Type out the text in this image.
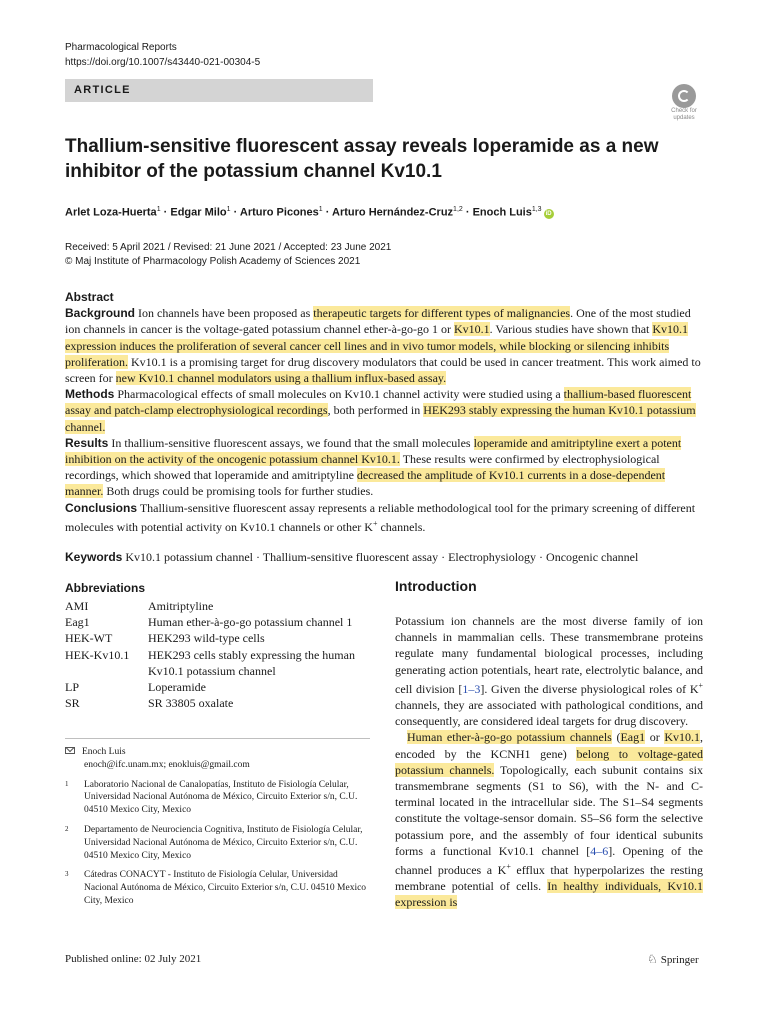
Pharmacological Reports
https://doi.org/10.1007/s43440-021-00304-5
ARTICLE
Check for
updates
Thallium-sensitive fluorescent assay reveals loperamide as a new inhibitor of the potassium channel Kv10.1
Arlet Loza-Huerta$^1$ · Edgar Milo$^1$ · Arturo Picones$^1$ · Arturo Hernández-Cruz$^{1,2}$ · Enoch Luis$^{1,3}$iD
Received: 5 April 2021 / Revised: 21 June 2021 / Accepted: 23 June 2021
© Maj Institute of Pharmacology Polish Academy of Sciences 2021
Abstract

Background Ion channels have been proposed as therapeutic targets for different types of malignancies. One of the most studied ion channels in cancer is the voltage-gated potassium channel ether-à-go-go 1 or Kv10.1. Various studies have shown that Kv10.1 expression induces the proliferation of several cancer cell lines and in vivo tumor models, while blocking or silencing inhibits proliferation. Kv10.1 is a promising target for drug discovery modulators that could be used in cancer treatment. This work aimed to screen for new Kv10.1 channel modulators using a thallium influx-based assay.

Methods Pharmacological effects of small molecules on Kv10.1 channel activity were studied using a thallium-based fluorescent assay and patch-clamp electrophysiological recordings, both performed in HEK293 stably expressing the human Kv10.1 potassium channel.

Results In thallium-sensitive fluorescent assays, we found that the small molecules loperamide and amitriptyline exert a potent inhibition on the activity of the oncogenic potassium channel Kv10.1. These results were confirmed by electrophysiological recordings, which showed that loperamide and amitriptyline decreased the amplitude of Kv10.1 currents in a dose-dependent manner. Both drugs could be promising tools for further studies.

Conclusions Thallium-sensitive fluorescent assay represents a reliable methodological tool for the primary screening of different molecules with potential activity on Kv10.1 channels or other K+ channels.

Keywords Kv10.1 potassium channel · Thallium-sensitive fluorescent assay · Electrophysiology · Oncogenic channel
Abbreviations
AMI	Amitriptyline
Eag1	Human ether-à-go-go potassium channel 1
HEK-WT	HEK293 wild-type cells
HEK-Kv10.1	HEK293 cells stably expressing the human Kv10.1 potassium channel
LP	Loperamide
SR	SR 33805 oxalate
Enoch Luis
enoch@ifc.unam.mx; enokluis@gmail.com
1	Laboratorio Nacional de Canalopatías, Instituto de Fisiología Celular, Universidad Nacional Autónoma de México, Circuito Exterior s/n, C.U. 04510 Mexico City, Mexico
2	Departamento de Neurociencia Cognitiva, Instituto de Fisiología Celular, Universidad Nacional Autónoma de México, Circuito Exterior s/n, C.U. 04510 Mexico City, Mexico
3	Cátedras CONACYT - Instituto de Fisiología Celular, Universidad Nacional Autónoma de México, Circuito Exterior s/n, C.U. 04510 Mexico City, Mexico
Introduction

Potassium ion channels are the most diverse family of ion channels in mammalian cells. These transmembrane proteins regulate many fundamental biological processes, including generating action potentials, heart rate, electrolytic balance, and cell division [1–3]. Given the diverse physiological roles of K+ channels, they are associated with pathological conditions, and consequently, are considered ideal targets for drug discovery.

Human ether-à-go-go potassium channels (Eag1 or Kv10.1, encoded by the KCNH1 gene) belong to voltage-gated potassium channels. Topologically, each subunit contains six transmembrane segments (S1 to S6), with the N- and C-terminal located in the intracellular side. The S1–S4 segments constitute the voltage-sensor domain. S5–S6 form the selective potassium pore, and the assembly of four identical subunits forms a functional Kv10.1 channel [4–6]. Opening of the channel produces a K+ efflux that hyperpolarizes the resting membrane potential of cells. In healthy individuals, Kv10.1 expression is

Published online: 02 July 2021	♘ Springer
